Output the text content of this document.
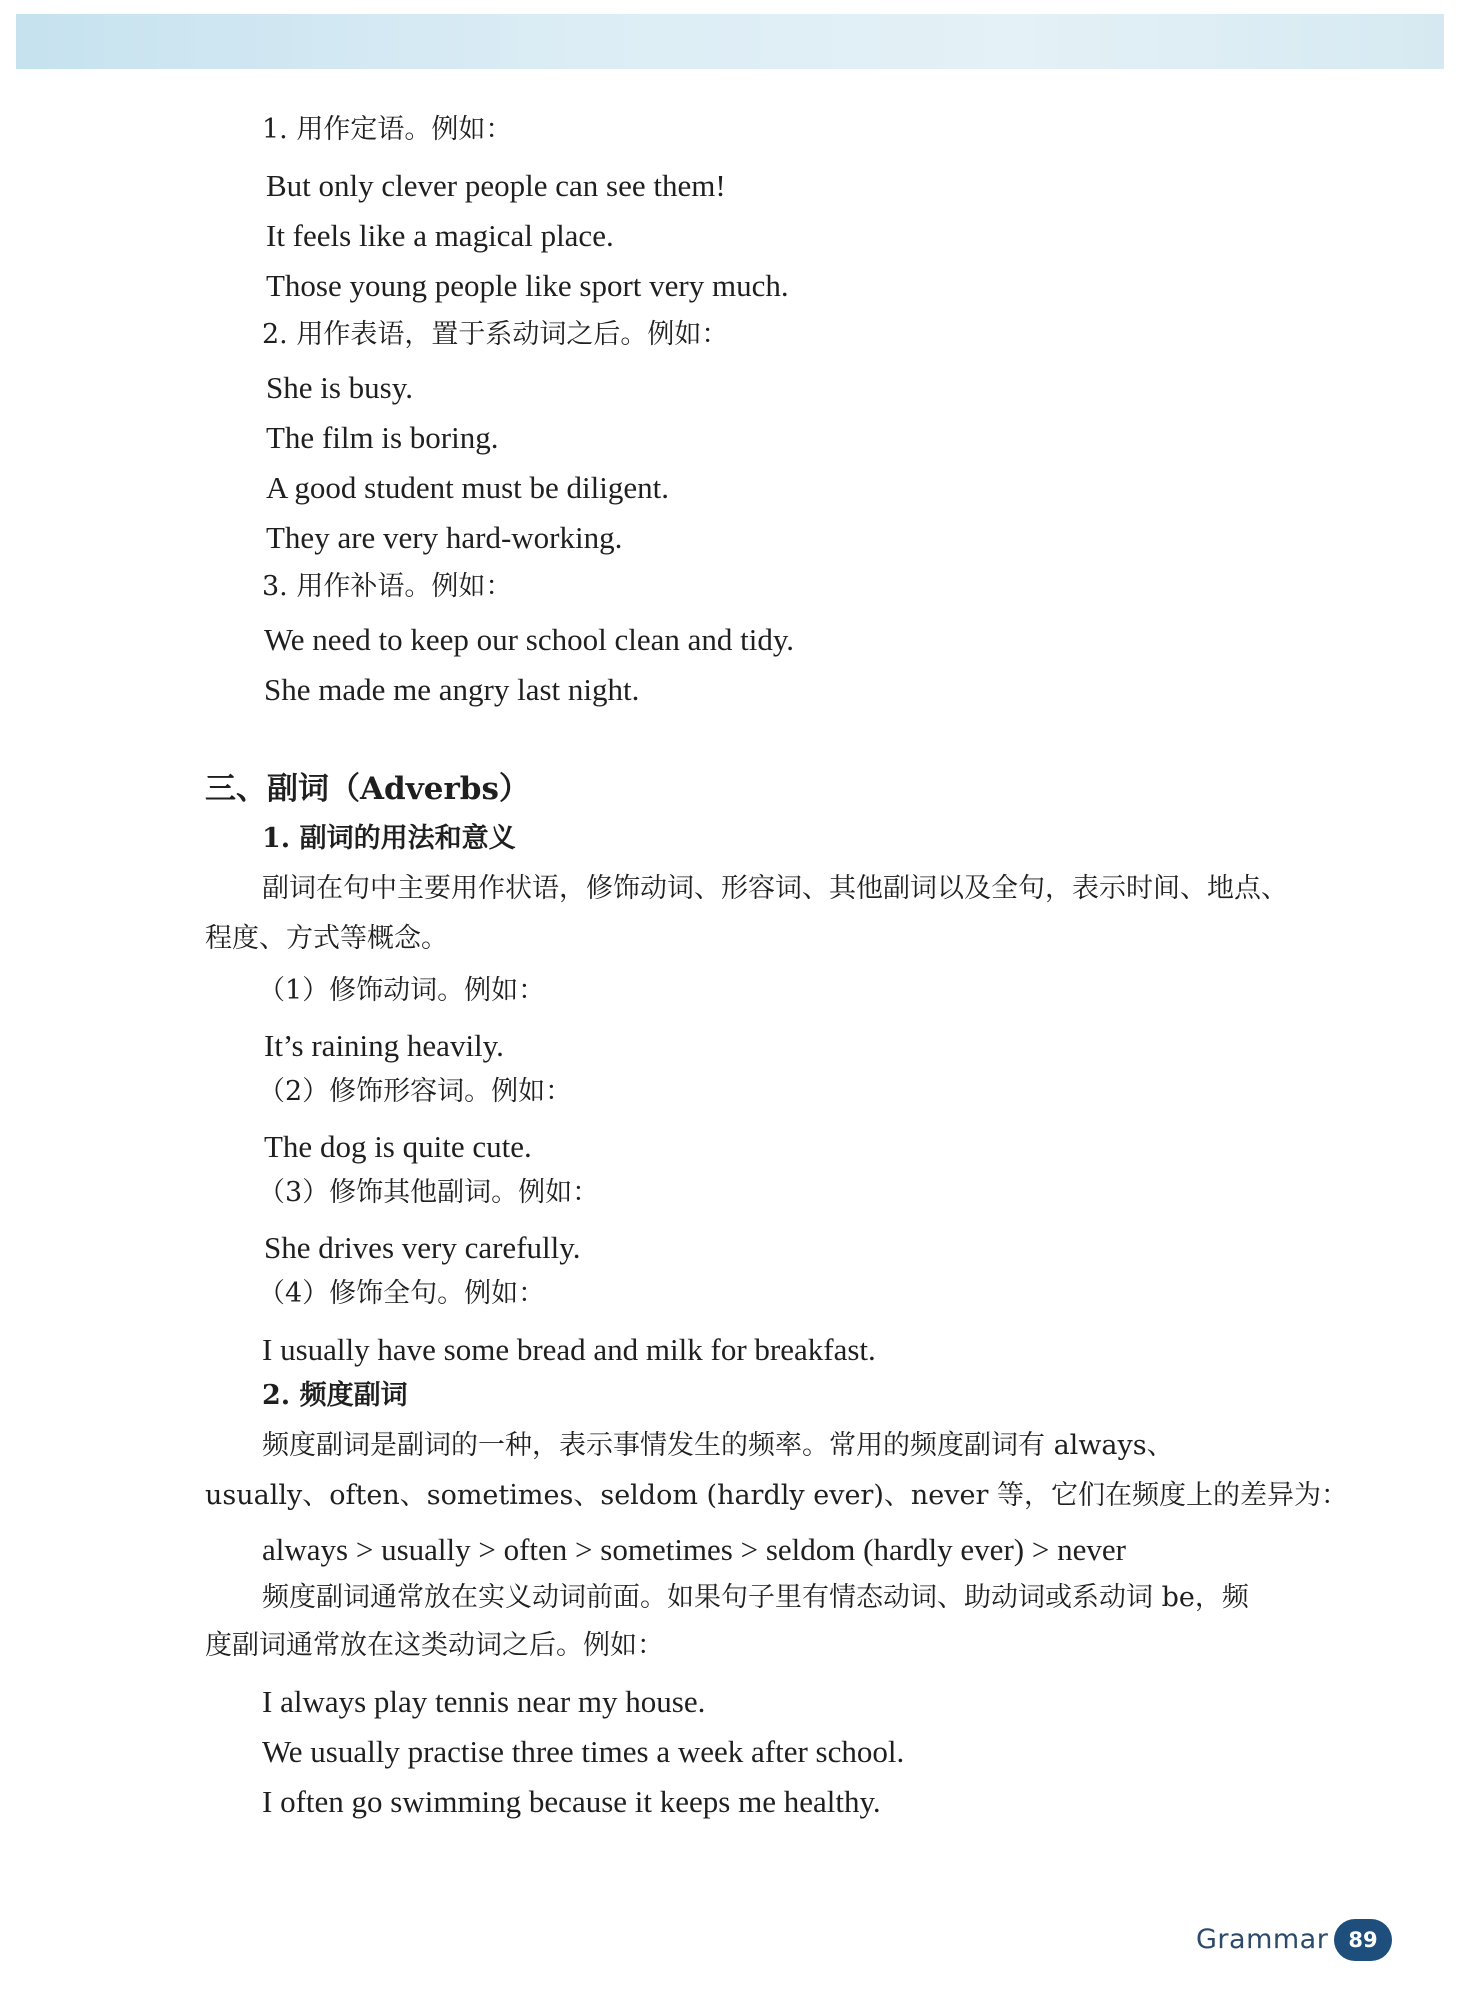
1. 用作定语。例如：
But only clever people can see them!
It feels like a magical place.
Those young people like sport very much.
2. 用作表语，置于系动词之后。例如：
She is busy.
The film is boring.
A good student must be diligent.
They are very hard-working.
3. 用作补语。例如：
We need to keep our school clean and tidy.
She made me angry last night.
三、副词（Adverbs）
1. 副词的用法和意义
副词在句中主要用作状语，修饰动词、形容词、其他副词以及全句，表示时间、地点、
程度、方式等概念。
（1）修饰动词。例如：
It’s raining heavily.
（2）修饰形容词。例如：
The dog is quite cute.
（3）修饰其他副词。例如：
She drives very carefully.
（4）修饰全句。例如：
I usually have some bread and milk for breakfast.
2. 频度副词
频度副词是副词的一种，表示事情发生的频率。常用的频度副词有 always、
usually、often、sometimes、seldom (hardly ever)、never 等，它们在频度上的差异为：
always > usually > often > sometimes > seldom (hardly ever) > never
频度副词通常放在实义动词前面。如果句子里有情态动词、助动词或系动词 be，频
度副词通常放在这类动词之后。例如：
I always play tennis near my house.
We usually practise three times a week after school.
I often go swimming because it keeps me healthy.
Grammar 89
